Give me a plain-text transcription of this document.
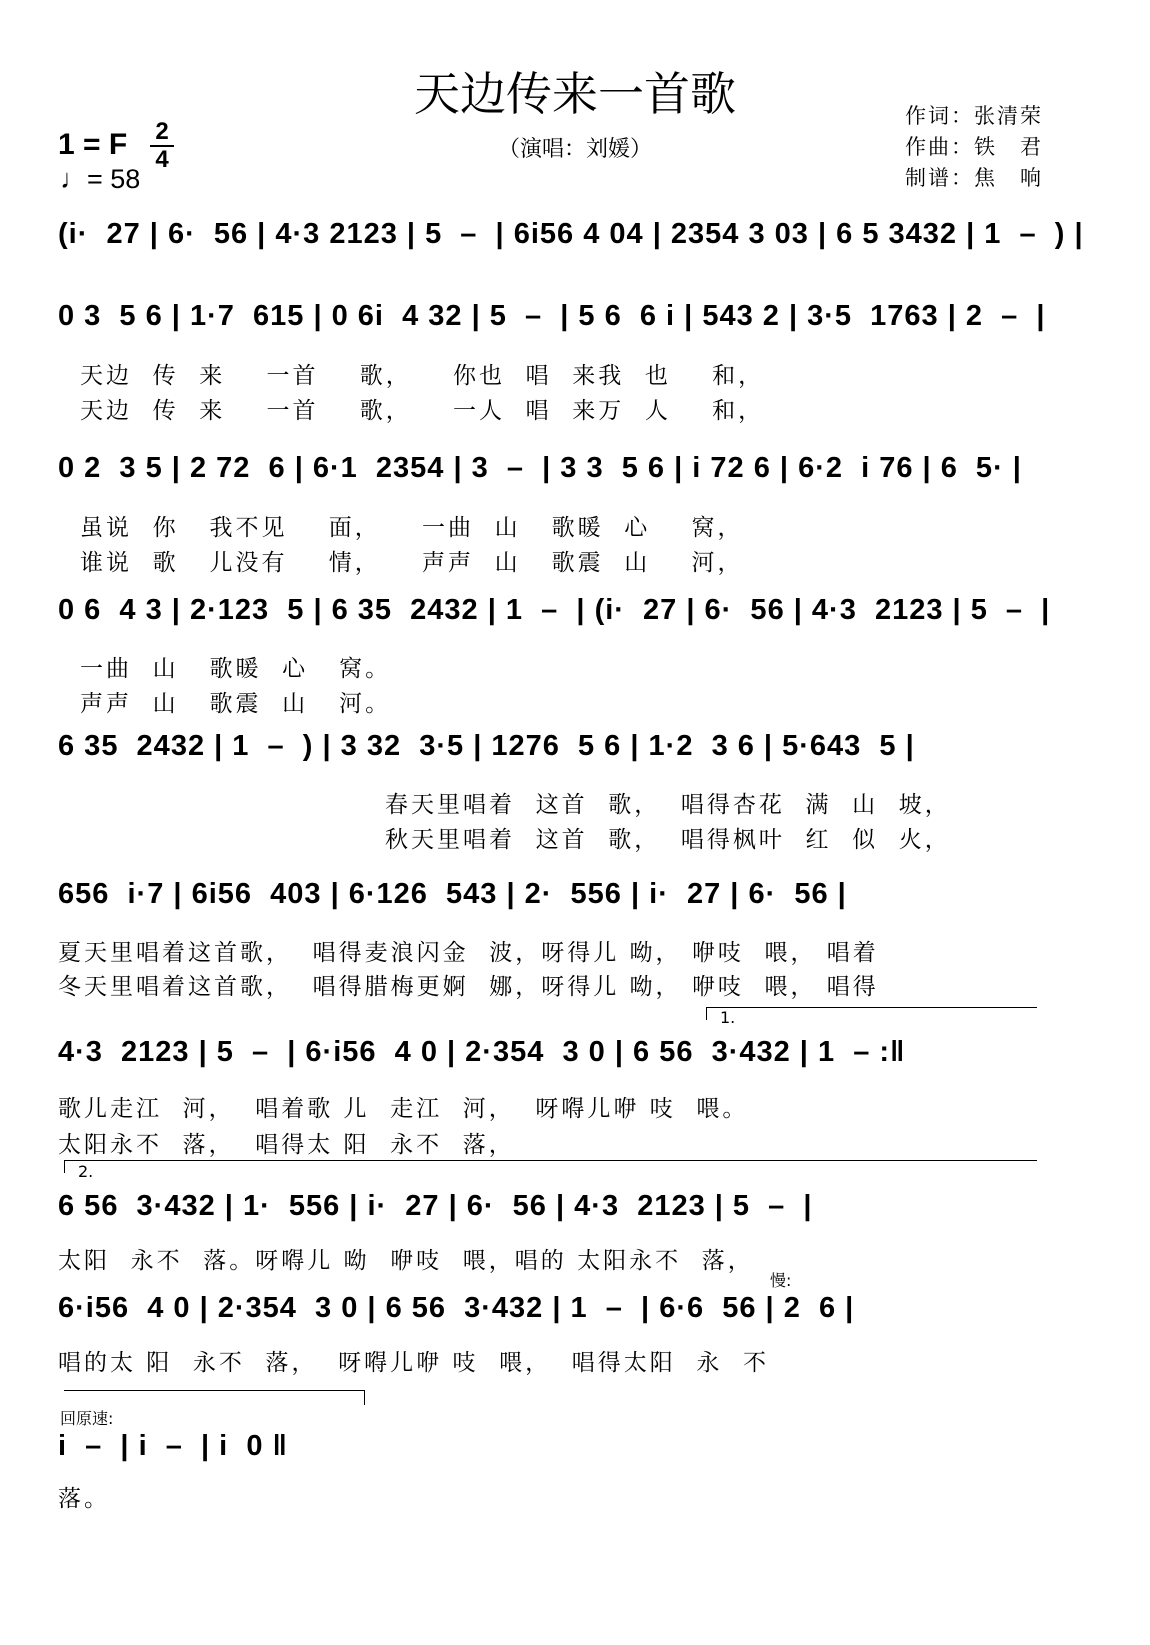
天边传来一首歌
（演唱：刘媛）
作词：张清荣
作曲：铁　君
制谱：焦　响
1 = F 2
4
♩= 58
(i·  27 | 6·  56 | 4·3 2123 | 5  –  | 6i56 4 04 | 2354 3 03 | 6 5 3432 | 1  –  ) |
0 3  5 6 | 1·7  615 | 0 6i  4 32 | 5  –  | 5 6  6 i | 543 2 | 3·5  1763 | 2  –  |
天边  传  来    一首    歌，    你也  唱  来我  也    和，
天边  传  来    一首    歌，    一人  唱  来万  人    和，
0 2  3 5 | 2 72  6 | 6·1  2354 | 3  –  | 3 3  5 6 | i 72 6 | 6·2  i 76 | 6  5· |
虽说  你   我不见    面，    一曲  山   歌暖  心    窝，
谁说  歌   儿没有    情，    声声  山   歌震  山    河，
0 6  4 3 | 2·123  5 | 6 35  2432 | 1  –  | (i·  27 | 6·  56 | 4·3  2123 | 5  –  |
一曲  山   歌暖  心   窝。
声声  山   歌震  山   河。
6 35  2432 | 1  –  ) | 3 32  3·5 | 1276  5 6 | 1·2  3 6 | 5·643  5 |
春天里唱着  这首  歌，  唱得杏花  满  山  坡，
秋天里唱着  这首  歌，  唱得枫叶  红  似  火，
656  i·7 | 6i56  403 | 6·126  543 | 2·  556 | i·  27 | 6·  56 |
夏天里唱着这首歌，  唱得麦浪闪金  波，呀得儿 呦， 咿吱  喂， 唱着
冬天里唱着这首歌，  唱得腊梅更婀  娜，呀得儿 呦， 咿吱  喂， 唱得
1.
4·3  2123 | 5  –  | 6·i56  4 0 | 2·354  3 0 | 6 56  3·432 | 1  – :‖
歌儿走江  河，  唱着歌 儿  走江  河，  呀嘚儿咿 吱  喂。
太阳永不  落，  唱得太 阳  永不  落，
2.
6 56  3·432 | 1·  556 | i·  27 | 6·  56 | 4·3  2123 | 5  –  |
太阳  永不  落。呀嘚儿 呦  咿吱  喂，唱的 太阳永不  落，
慢:
6·i56  4 0 | 2·354  3 0 | 6 56  3·432 | 1  –  | 6·6  56 | 2  6 |
唱的太 阳  永不  落，  呀嘚儿咿 吱  喂，  唱得太阳  永  不
回原速:
i  –  | i  –  | i  0 ‖
落。
